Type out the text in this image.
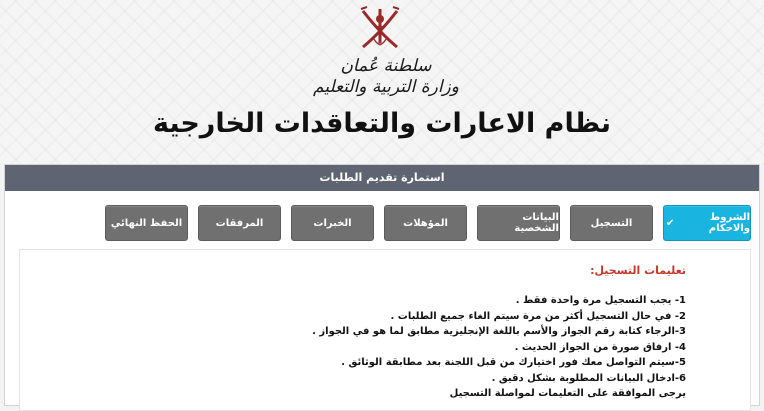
سلطنة عُمان
وزارة التربية والتعليم
نظام الاعارات والتعاقدات الخارجية
استمارة تقديم الطلبات
الشروط والاحكام
✔
التسجيل
البيانات الشخصية
المؤهلات
الخبرات
المرفقات
الحفظ النهائي
تعليمات التسجيل:
1- يجب التسجيل مرة واحدة فقط .
2- في حال التسجيل أكثر من مرة سيتم الغاء جميع الطلبات .
3-الرجاء كتابة رقم الجواز والأسم باللغة الإنجليزية مطابق لما هو في الجواز .
4- ارفاق صورة من الجواز الحديث .
5-سيتم التواصل معك فور اختيارك من قبل اللجنة بعد مطابقة الوثائق .
6-ادخال البيانات المطلوبة بشكل دقيق .
يرجى الموافقة على التعليمات لمواصلة التسجيل
